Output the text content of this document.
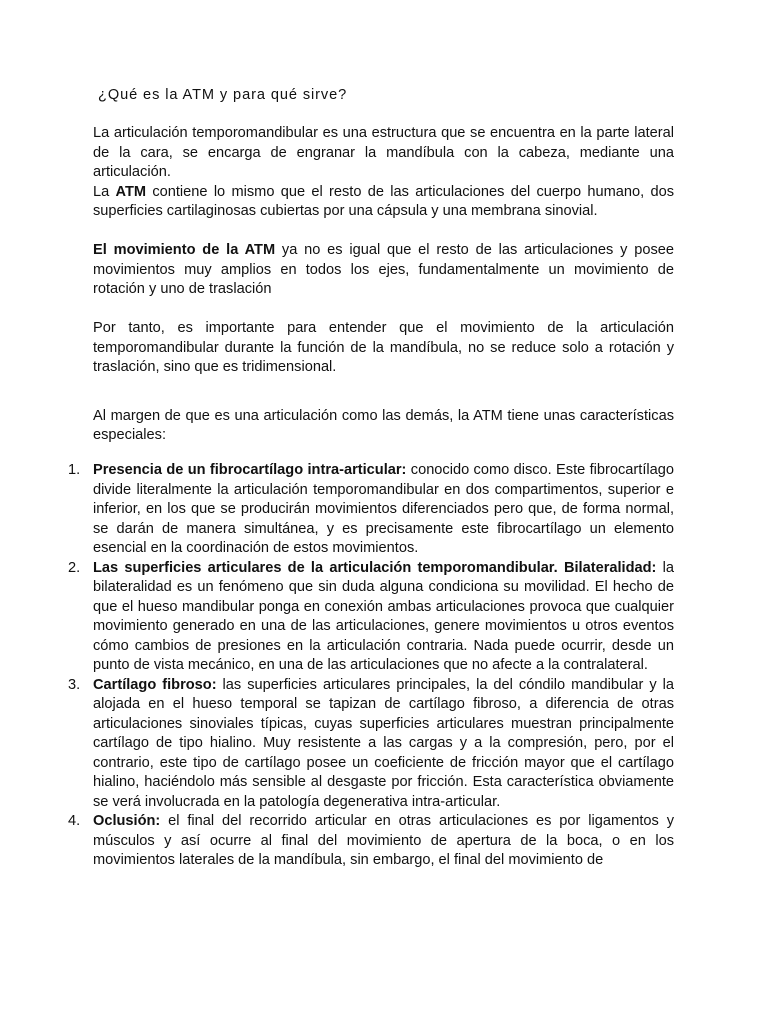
¿Qué es la ATM y para qué sirve?

La articulación temporomandibular es una estructura que se encuentra en la parte lateral de la cara, se encarga de engranar la mandíbula con la cabeza, mediante una articulación.

La ATM contiene lo mismo que el resto de las articulaciones del cuerpo humano, dos superficies cartilaginosas cubiertas por una cápsula y una membrana sinovial.

El movimiento de la ATM ya no es igual que el resto de las articulaciones y posee movimientos muy amplios en todos los ejes, fundamentalmente un movimiento de rotación y uno de traslación

Por tanto, es importante para entender que el movimiento de la articulación temporomandibular durante la función de la mandíbula, no se reduce solo a rotación y traslación, sino que es tridimensional.

Al margen de que es una articulación como las demás, la ATM tiene unas características especiales:

1. Presencia de un fibrocartílago intra-articular: conocido como disco. Este fibrocartílago divide literalmente la articulación temporomandibular en dos compartimentos, superior e inferior, en los que se producirán movimientos diferenciados pero que, de forma normal, se darán de manera simultánea, y es precisamente este fibrocartílago un elemento esencial en la coordinación de estos movimientos.
2. Las superficies articulares de la articulación temporomandibular. Bilateralidad: la bilateralidad es un fenómeno que sin duda alguna condiciona su movilidad. El hecho de que el hueso mandibular ponga en conexión ambas articulaciones provoca que cualquier movimiento generado en una de las articulaciones, genere movimientos u otros eventos cómo cambios de presiones en la articulación contraria. Nada puede ocurrir, desde un punto de vista mecánico, en una de las articulaciones que no afecte a la contralateral.
3. Cartílago fibroso: las superficies articulares principales, la del cóndilo mandibular y la alojada en el hueso temporal se tapizan de cartílago fibroso, a diferencia de otras articulaciones sinoviales típicas, cuyas superficies articulares muestran principalmente cartílago de tipo hialino. Muy resistente a las cargas y a la compresión, pero, por el contrario, este tipo de cartílago posee un coeficiente de fricción mayor que el cartílago hialino, haciéndolo más sensible al desgaste por fricción. Esta característica obviamente se verá involucrada en la patología degenerativa intra-articular.
4. Oclusión: el final del recorrido articular en otras articulaciones es por ligamentos y músculos y así ocurre al final del movimiento de apertura de la boca, o en los movimientos laterales de la mandíbula, sin embargo, el final del movimiento de
